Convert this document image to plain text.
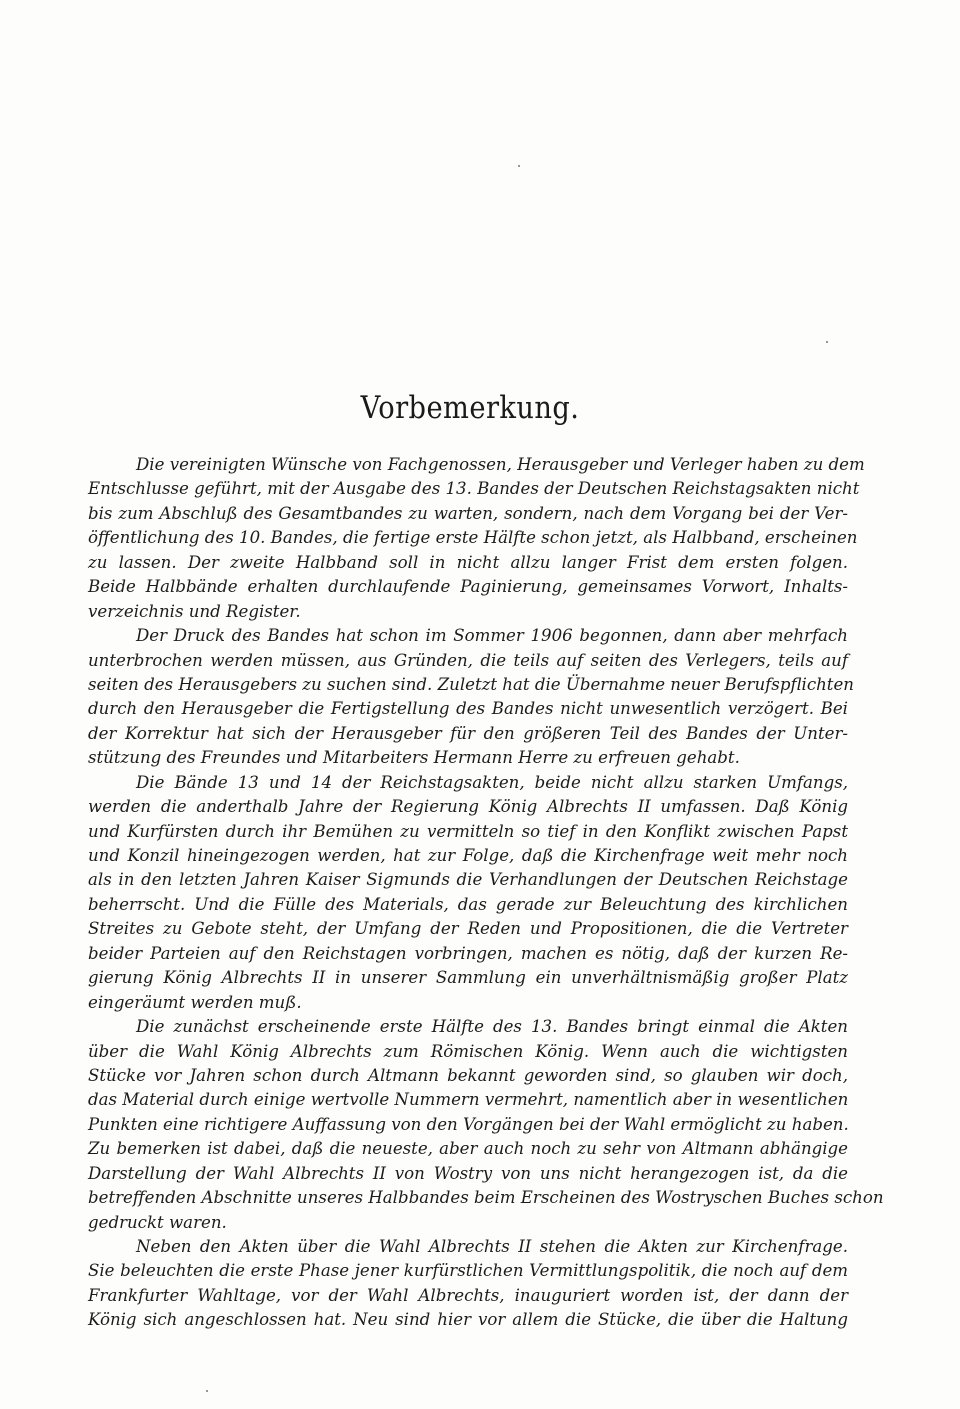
Vorbemerkung.
Die vereinigten Wünsche von Fachgenossen, Herausgeber und Verleger haben zu dem
Entschlusse geführt, mit der Ausgabe des 13. Bandes der Deutschen Reichstagsakten nicht
bis zum Abschluß des Gesamtbandes zu warten, sondern, nach dem Vorgang bei der Ver-
öffentlichung des 10. Bandes, die fertige erste Hälfte schon jetzt, als Halbband, erscheinen
zu lassen. Der zweite Halbband soll in nicht allzu langer Frist dem ersten folgen.
Beide Halbbände erhalten durchlaufende Paginierung, gemeinsames Vorwort, Inhalts-
verzeichnis und Register.
Der Druck des Bandes hat schon im Sommer 1906 begonnen, dann aber mehrfach
unterbrochen werden müssen, aus Gründen, die teils auf seiten des Verlegers, teils auf
seiten des Herausgebers zu suchen sind. Zuletzt hat die Übernahme neuer Berufspflichten
durch den Herausgeber die Fertigstellung des Bandes nicht unwesentlich verzögert. Bei
der Korrektur hat sich der Herausgeber für den größeren Teil des Bandes der Unter-
stützung des Freundes und Mitarbeiters Hermann Herre zu erfreuen gehabt.
Die Bände 13 und 14 der Reichstagsakten, beide nicht allzu starken Umfangs,
werden die anderthalb Jahre der Regierung König Albrechts II umfassen. Daß König
und Kurfürsten durch ihr Bemühen zu vermitteln so tief in den Konflikt zwischen Papst
und Konzil hineingezogen werden, hat zur Folge, daß die Kirchenfrage weit mehr noch
als in den letzten Jahren Kaiser Sigmunds die Verhandlungen der Deutschen Reichstage
beherrscht. Und die Fülle des Materials, das gerade zur Beleuchtung des kirchlichen
Streites zu Gebote steht, der Umfang der Reden und Propositionen, die die Vertreter
beider Parteien auf den Reichstagen vorbringen, machen es nötig, daß der kurzen Re-
gierung König Albrechts II in unserer Sammlung ein unverhältnismäßig großer Platz
eingeräumt werden muß.
Die zunächst erscheinende erste Hälfte des 13. Bandes bringt einmal die Akten
über die Wahl König Albrechts zum Römischen König. Wenn auch die wichtigsten
Stücke vor Jahren schon durch Altmann bekannt geworden sind, so glauben wir doch,
das Material durch einige wertvolle Nummern vermehrt, namentlich aber in wesentlichen
Punkten eine richtigere Auffassung von den Vorgängen bei der Wahl ermöglicht zu haben.
Zu bemerken ist dabei, daß die neueste, aber auch noch zu sehr von Altmann abhängige
Darstellung der Wahl Albrechts II von Wostry von uns nicht herangezogen ist, da die
betreffenden Abschnitte unseres Halbbandes beim Erscheinen des Wostryschen Buches schon
gedruckt waren.
Neben den Akten über die Wahl Albrechts II stehen die Akten zur Kirchenfrage.
Sie beleuchten die erste Phase jener kurfürstlichen Vermittlungspolitik, die noch auf dem
Frankfurter Wahltage, vor der Wahl Albrechts, inauguriert worden ist, der dann der
König sich angeschlossen hat. Neu sind hier vor allem die Stücke, die über die Haltung
